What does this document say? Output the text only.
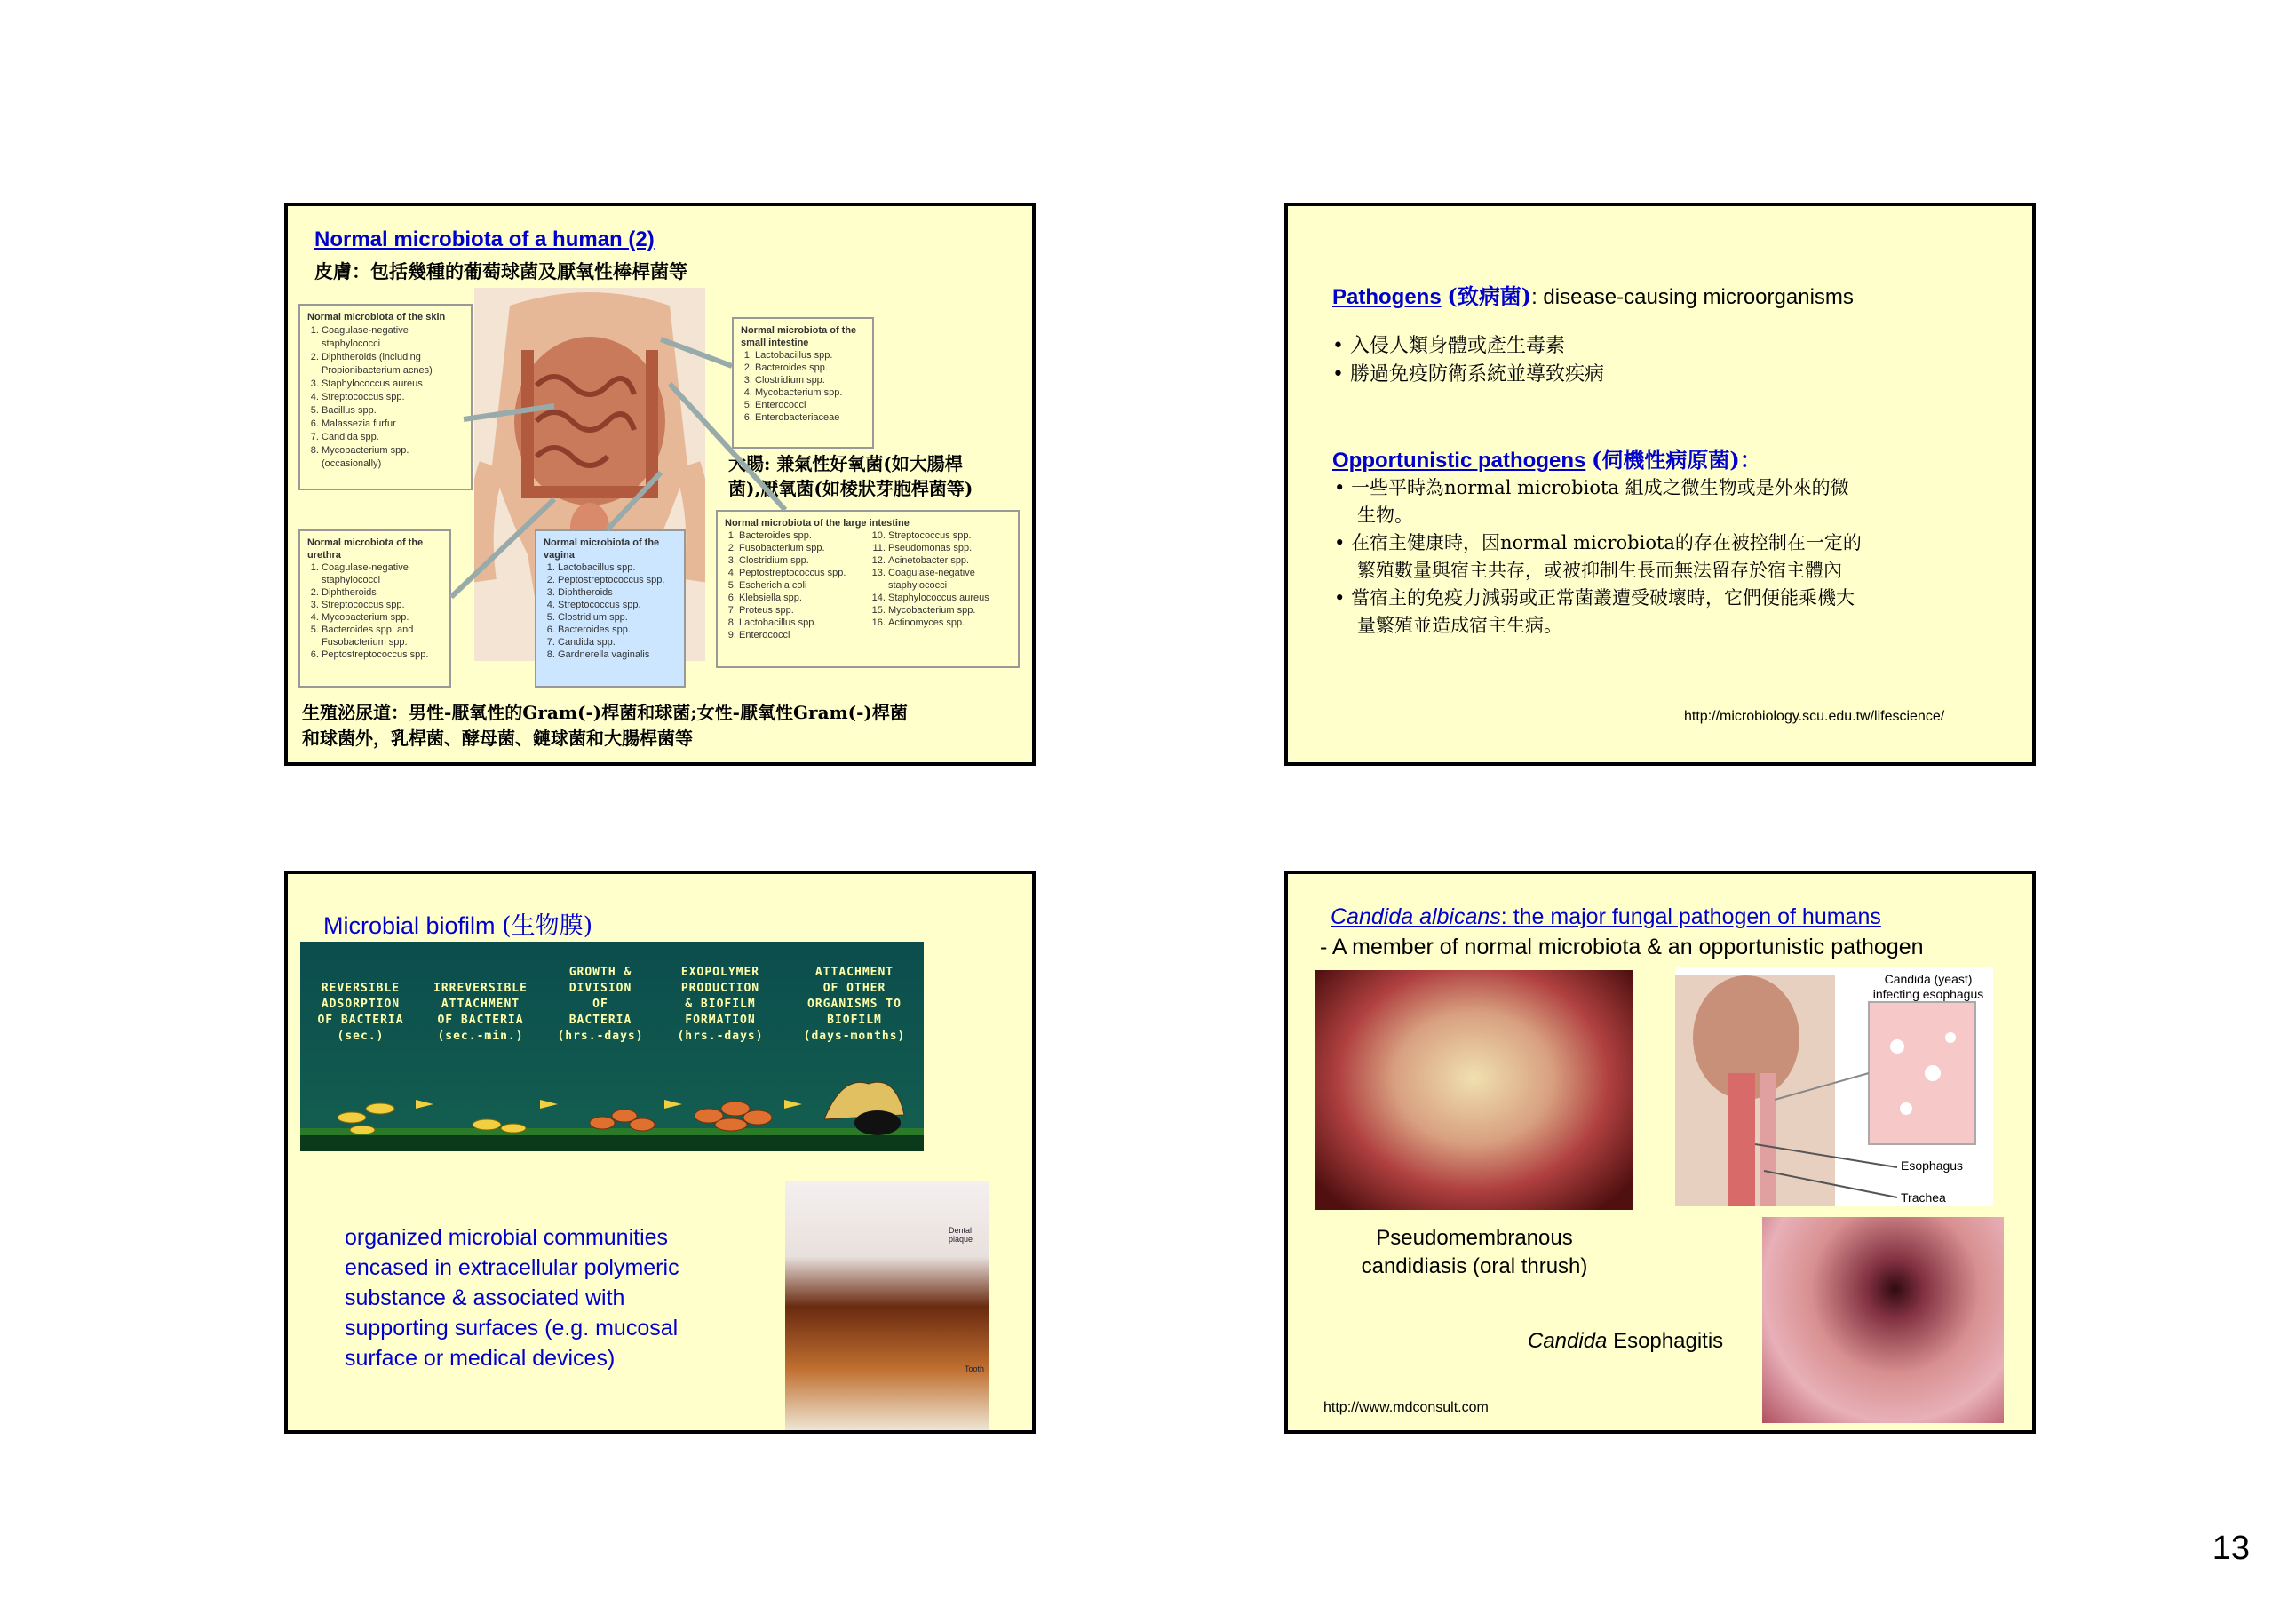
Normal microbiota of a human (2)
皮膚：包括幾種的葡萄球菌及厭氧性棒桿菌等
Normal microbiota of the skin
1. Coagulase-negative staphylococci
2. Diphtheroids (including Propionibacterium acnes)
3. Staphylococcus aureus
4. Streptococcus spp.
5. Bacillus spp.
6. Malassezia furfur
7. Candida spp.
8. Mycobacterium spp. (occasionally)
Normal microbiota of the small intestine
1. Lactobacillus spp.
2. Bacteroides spp.
3. Clostridium spp.
4. Mycobacterium spp.
5. Enterococci
6. Enterobacteriaceae
大腸: 兼氣性好氧菌(如大腸桿
菌),厭氧菌(如棱狀芽胞桿菌等)
Normal microbiota of the urethra
1. Coagulase-negative staphylococci
2. Diphtheroids
3. Streptococcus spp.
4. Mycobacterium spp.
5. Bacteroides spp. and Fusobacterium spp.
6. Peptostreptococcus spp.
Normal microbiota of the vagina
1. Lactobacillus spp.
2. Peptostreptococcus spp.
3. Diphtheroids
4. Streptococcus spp.
5. Clostridium spp.
6. Bacteroides spp.
7. Candida spp.
8. Gardnerella vaginalis
Normal microbiota of the large intestine
1. Bacteroides spp.
2. Fusobacterium spp.
3. Clostridium spp.
4. Peptostreptococcus spp.
5. Escherichia coli
6. Klebsiella spp.
7. Proteus spp.
8. Lactobacillus spp.
9. Enterococci
10. Streptococcus spp.
11. Pseudomonas spp.
12. Acinetobacter spp.
13. Coagulase-negative staphylococci
14. Staphylococcus aureus
15. Mycobacterium spp.
16. Actinomyces spp.
生殖泌尿道：男性-厭氧性的Gram(-)桿菌和球菌;女性-厭氧性Gram(-)桿菌
和球菌外，乳桿菌、酵母菌、鏈球菌和大腸桿菌等
Pathogens (致病菌): disease-causing microorganisms
• 入侵人類身體或產生毒素
• 勝過免疫防衛系統並導致疾病
Opportunistic pathogens (伺機性病原菌)：
• 一些平時為normal microbiota 組成之微生物或是外來的微
生物。
• 在宿主健康時，因normal microbiota的存在被控制在一定的
繁殖數量與宿主共存，或被抑制生長而無法留存於宿主體內
• 當宿主的免疫力減弱或正常菌叢遭受破壞時，它們便能乘機大
量繁殖並造成宿主生病。
http://microbiology.scu.edu.tw/lifescience/
Microbial biofilm (生物膜)
REVERSIBLE
ADSORPTION
OF BACTERIA
(sec.)
IRREVERSIBLE
ATTACHMENT
OF BACTERIA
(sec.-min.)
GROWTH &
DIVISION
OF
BACTERIA
(hrs.-days)
EXOPOLYMER
PRODUCTION
& BIOFILM
FORMATION
(hrs.-days)
ATTACHMENT
OF OTHER
ORGANISMS TO
BIOFILM
(days-months)
organized microbial communities
encased in extracellular polymeric
substance & associated with
supporting surfaces (e.g. mucosal
surface or medical devices)
Dental plaque
Tooth
Candida albicans: the major fungal pathogen of humans
- A member of normal microbiota & an opportunistic pathogen
Candida (yeast)
infecting esophagus
Esophagus
Trachea
Pseudomembranous
candidiasis (oral thrush)
Candida Esophagitis
http://www.mdconsult.com
13
